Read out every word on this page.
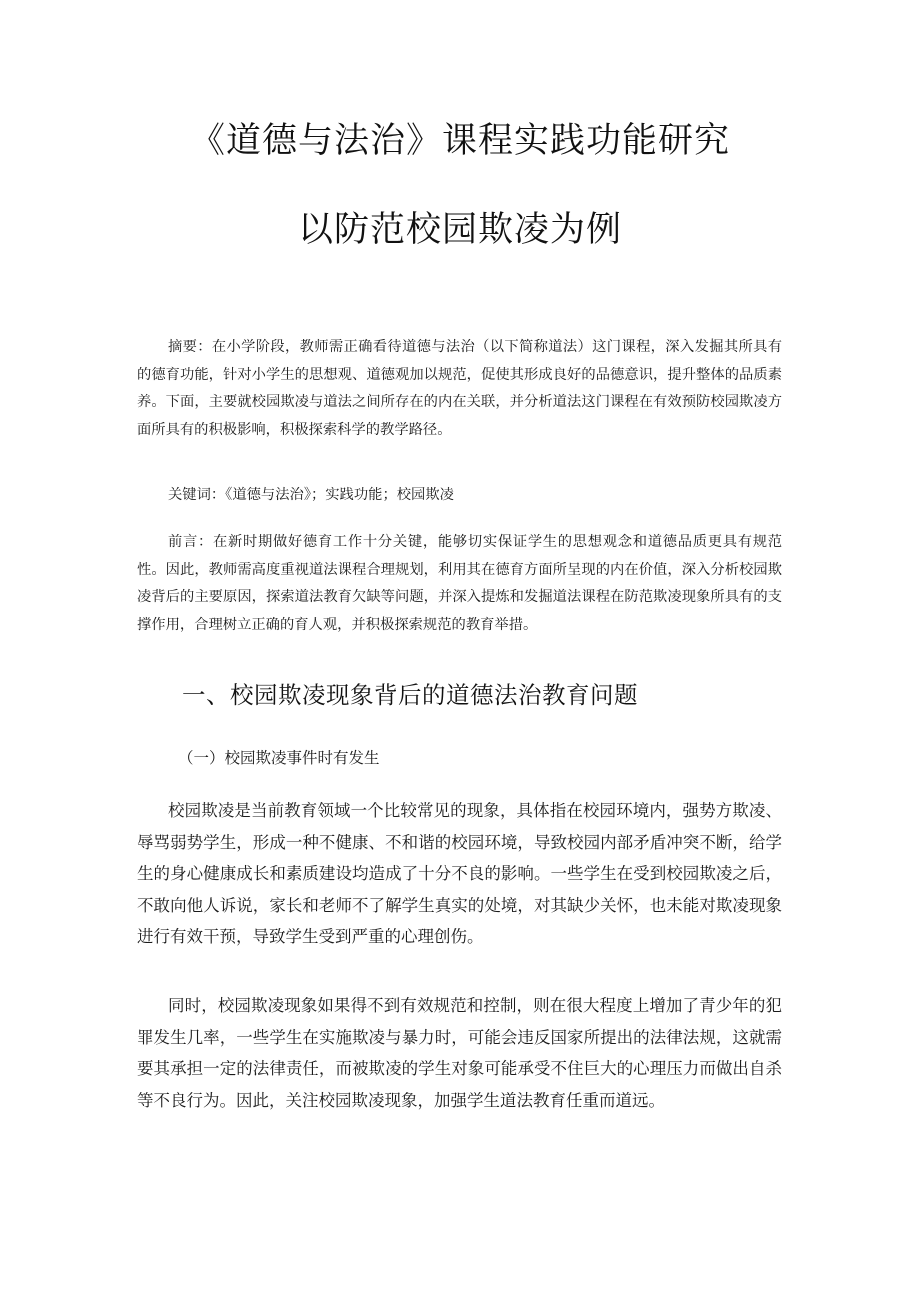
《道德与法治》课程实践功能研究
以防范校园欺凌为例

摘要：在小学阶段，教师需正确看待道德与法治（以下简称道法）这门课程，深入发掘其所具有的德育功能，针对小学生的思想观、道德观加以规范，促使其形成良好的品德意识，提升整体的品质素养。下面，主要就校园欺凌与道法之间所存在的内在关联，并分析道法这门课程在有效预防校园欺凌方面所具有的积极影响，积极探索科学的教学路径。

关键词：《道德与法治》；实践功能；校园欺凌

前言：在新时期做好德育工作十分关键，能够切实保证学生的思想观念和道德品质更具有规范性。因此，教师需高度重视道法课程合理规划，利用其在德育方面所呈现的内在价值，深入分析校园欺凌背后的主要原因，探索道法教育欠缺等问题，并深入提炼和发掘道法课程在防范欺凌现象所具有的支撑作用，合理树立正确的育人观，并积极探索规范的教育举措。

一、校园欺凌现象背后的道德法治教育问题
（一）校园欺凌事件时有发生

校园欺凌是当前教育领域一个比较常见的现象，具体指在校园环境内，强势方欺凌、辱骂弱势学生，形成一种不健康、不和谐的校园环境，导致校园内部矛盾冲突不断，给学生的身心健康成长和素质建设均造成了十分不良的影响。一些学生在受到校园欺凌之后，不敢向他人诉说，家长和老师不了解学生真实的处境，对其缺少关怀，也未能对欺凌现象进行有效干预，导致学生受到严重的心理创伤。

同时，校园欺凌现象如果得不到有效规范和控制，则在很大程度上增加了青少年的犯罪发生几率，一些学生在实施欺凌与暴力时，可能会违反国家所提出的法律法规，这就需要其承担一定的法律责任，而被欺凌的学生对象可能承受不住巨大的心理压力而做出自杀等不良行为。因此，关注校园欺凌现象，加强学生道法教育任重而道远。
